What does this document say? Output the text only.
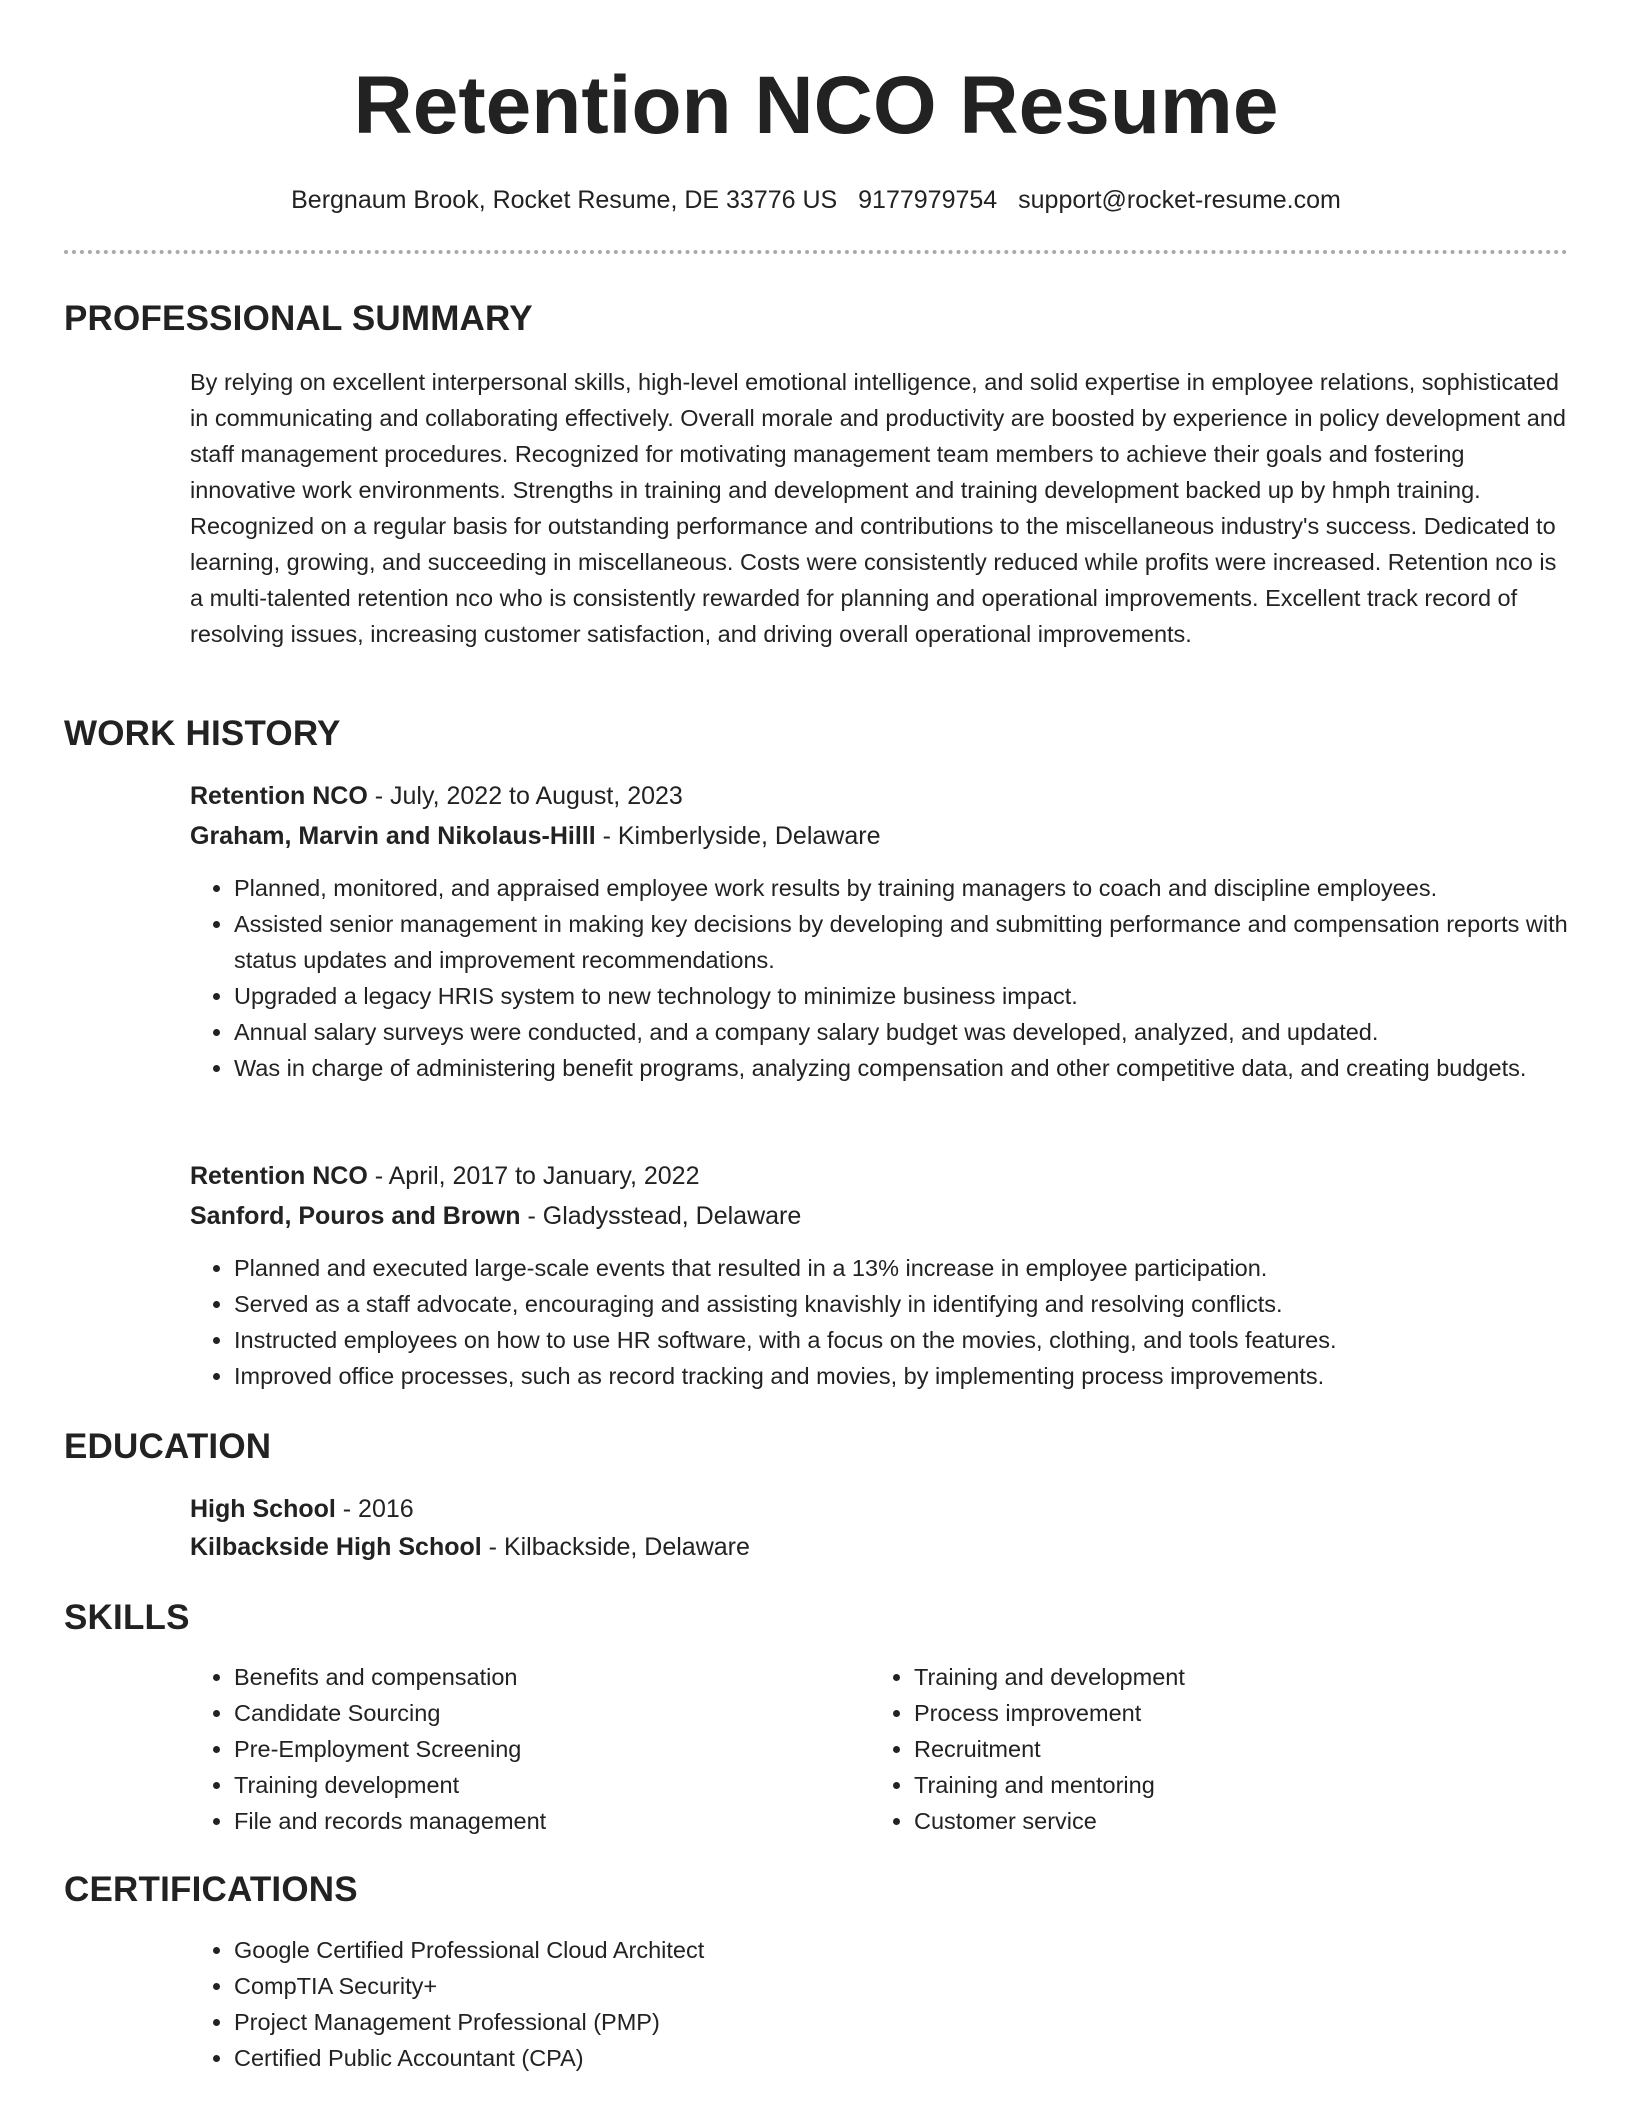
Retention NCO Resume
Bergnaum Brook, Rocket Resume, DE 33776 US 9177979754 support@rocket-resume.com
PROFESSIONAL SUMMARY

By relying on excellent interpersonal skills, high-level emotional intelligence, and solid expertise in employee relations, sophisticated in communicating and collaborating effectively. Overall morale and productivity are boosted by experience in policy development and staff management procedures. Recognized for motivating management team members to achieve their goals and fostering innovative work environments. Strengths in training and development and training development backed up by hmph training. Recognized on a regular basis for outstanding performance and contributions to the miscellaneous industry's success. Dedicated to learning, growing, and succeeding in miscellaneous. Costs were consistently reduced while profits were increased. Retention nco is a multi-talented retention nco who is consistently rewarded for planning and operational improvements. Excellent track record of resolving issues, increasing customer satisfaction, and driving overall operational improvements.

WORK HISTORY
Retention NCO - July, 2022 to August, 2023
Graham, Marvin and Nikolaus-Hilll - Kimberlyside, Delaware
• Planned, monitored, and appraised employee work results by training managers to coach and discipline employees.
• Assisted senior management in making key decisions by developing and submitting performance and compensation reports with status updates and improvement recommendations.
• Upgraded a legacy HRIS system to new technology to minimize business impact.
• Annual salary surveys were conducted, and a company salary budget was developed, analyzed, and updated.
• Was in charge of administering benefit programs, analyzing compensation and other competitive data, and creating budgets.
Retention NCO - April, 2017 to January, 2022
Sanford, Pouros and Brown - Gladysstead, Delaware
• Planned and executed large-scale events that resulted in a 13% increase in employee participation.
• Served as a staff advocate, encouraging and assisting knavishly in identifying and resolving conflicts.
• Instructed employees on how to use HR software, with a focus on the movies, clothing, and tools features.
• Improved office processes, such as record tracking and movies, by implementing process improvements.
EDUCATION
High School - 2016
Kilbackside High School - Kilbackside, Delaware
SKILLS
• Benefits and compensation
• Candidate Sourcing
• Pre-Employment Screening
• Training development
• File and records management
• Training and development
• Process improvement
• Recruitment
• Training and mentoring
• Customer service
CERTIFICATIONS
• Google Certified Professional Cloud Architect
• CompTIA Security+
• Project Management Professional (PMP)
• Certified Public Accountant (CPA)
